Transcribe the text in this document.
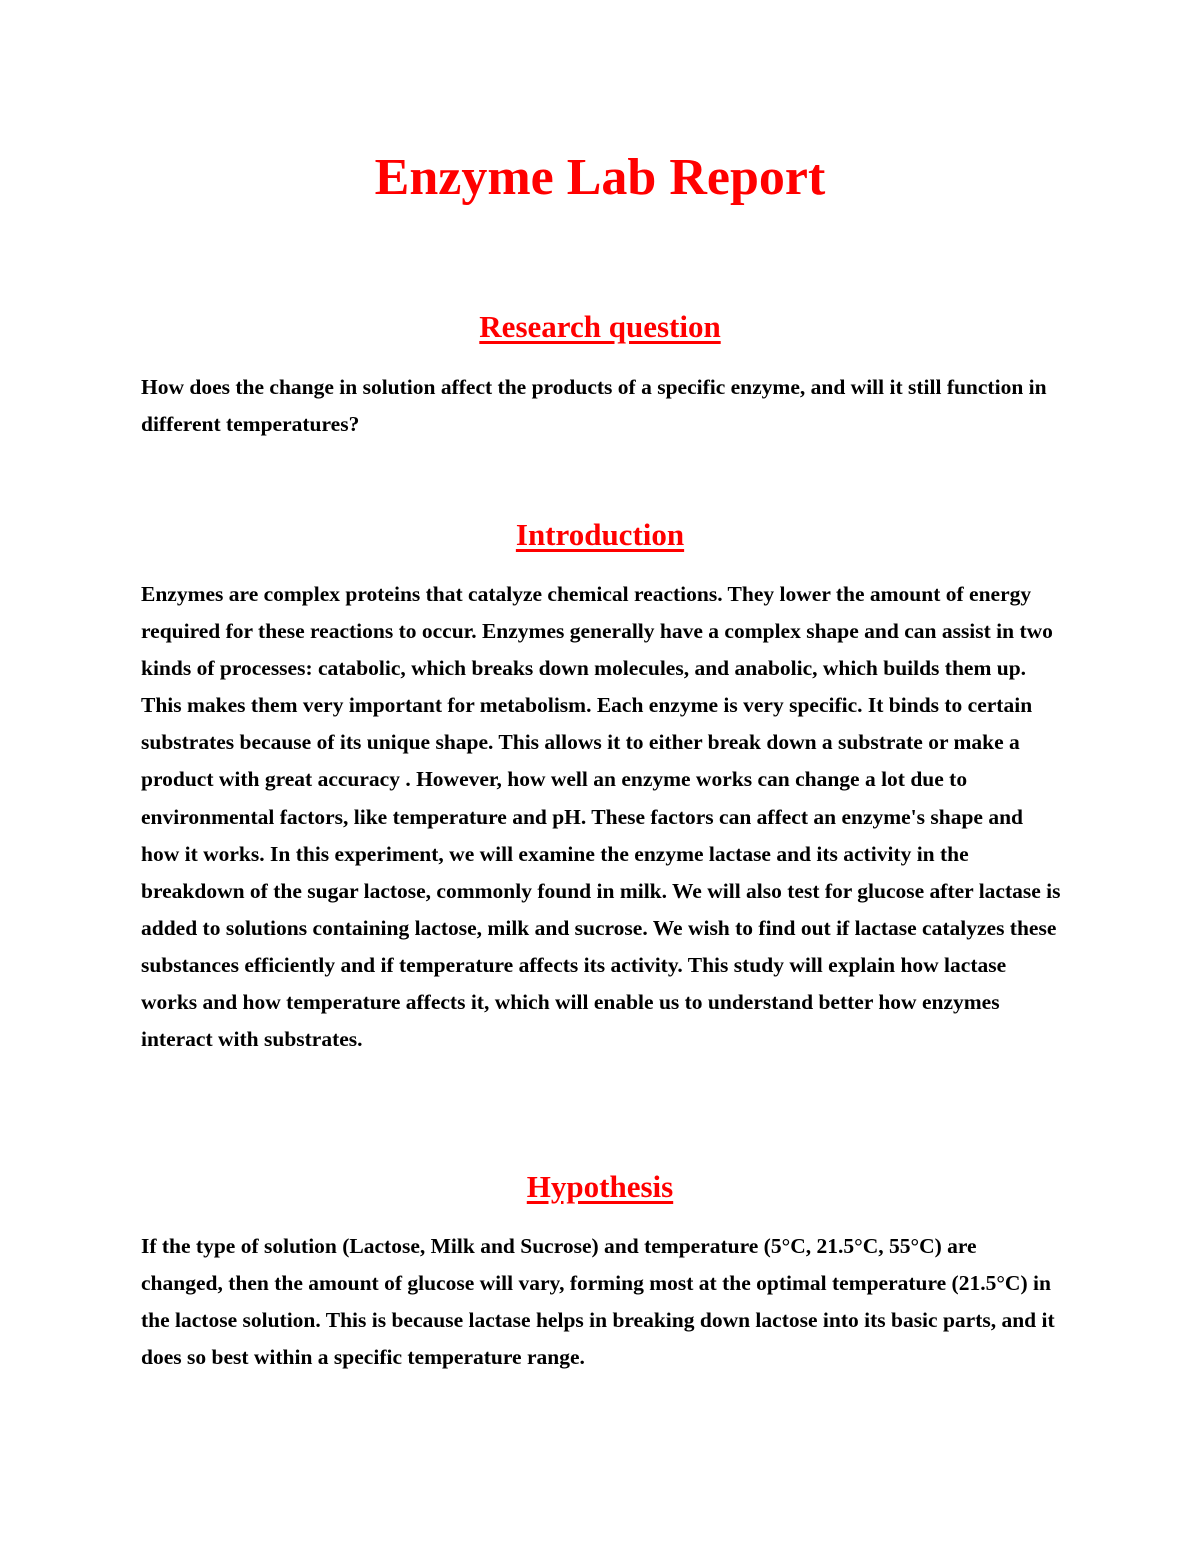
Enzyme Lab Report
Research question

How does the change in solution affect the products of a specific enzyme, and will it still function in different temperatures?

Introduction

Enzymes are complex proteins that catalyze chemical reactions. They lower the amount of energy required for these reactions to occur. Enzymes generally have a complex shape and can assist in two kinds of processes: catabolic, which breaks down molecules, and anabolic, which builds them up. This makes them very important for metabolism. Each enzyme is very specific. It binds to certain substrates because of its unique shape. This allows it to either break down a substrate or make a product with great accuracy . However, how well an enzyme works can change a lot due to environmental factors, like temperature and pH. These factors can affect an enzyme's shape and how it works. In this experiment, we will examine the enzyme lactase and its activity in the breakdown of the sugar lactose, commonly found in milk. We will also test for glucose after lactase is added to solutions containing lactose, milk and sucrose. We wish to find out if lactase catalyzes these substances efficiently and if temperature affects its activity. This study will explain how lactase works and how temperature affects it, which will enable us to understand better how enzymes interact with substrates.

Hypothesis

If the type of solution (Lactose, Milk and Sucrose) and temperature (5°C, 21.5°C, 55°C) are changed, then the amount of glucose will vary, forming most at the optimal temperature (21.5°C) in the lactose solution. This is because lactase helps in breaking down lactose into its basic parts, and it does so best within a specific temperature range.
